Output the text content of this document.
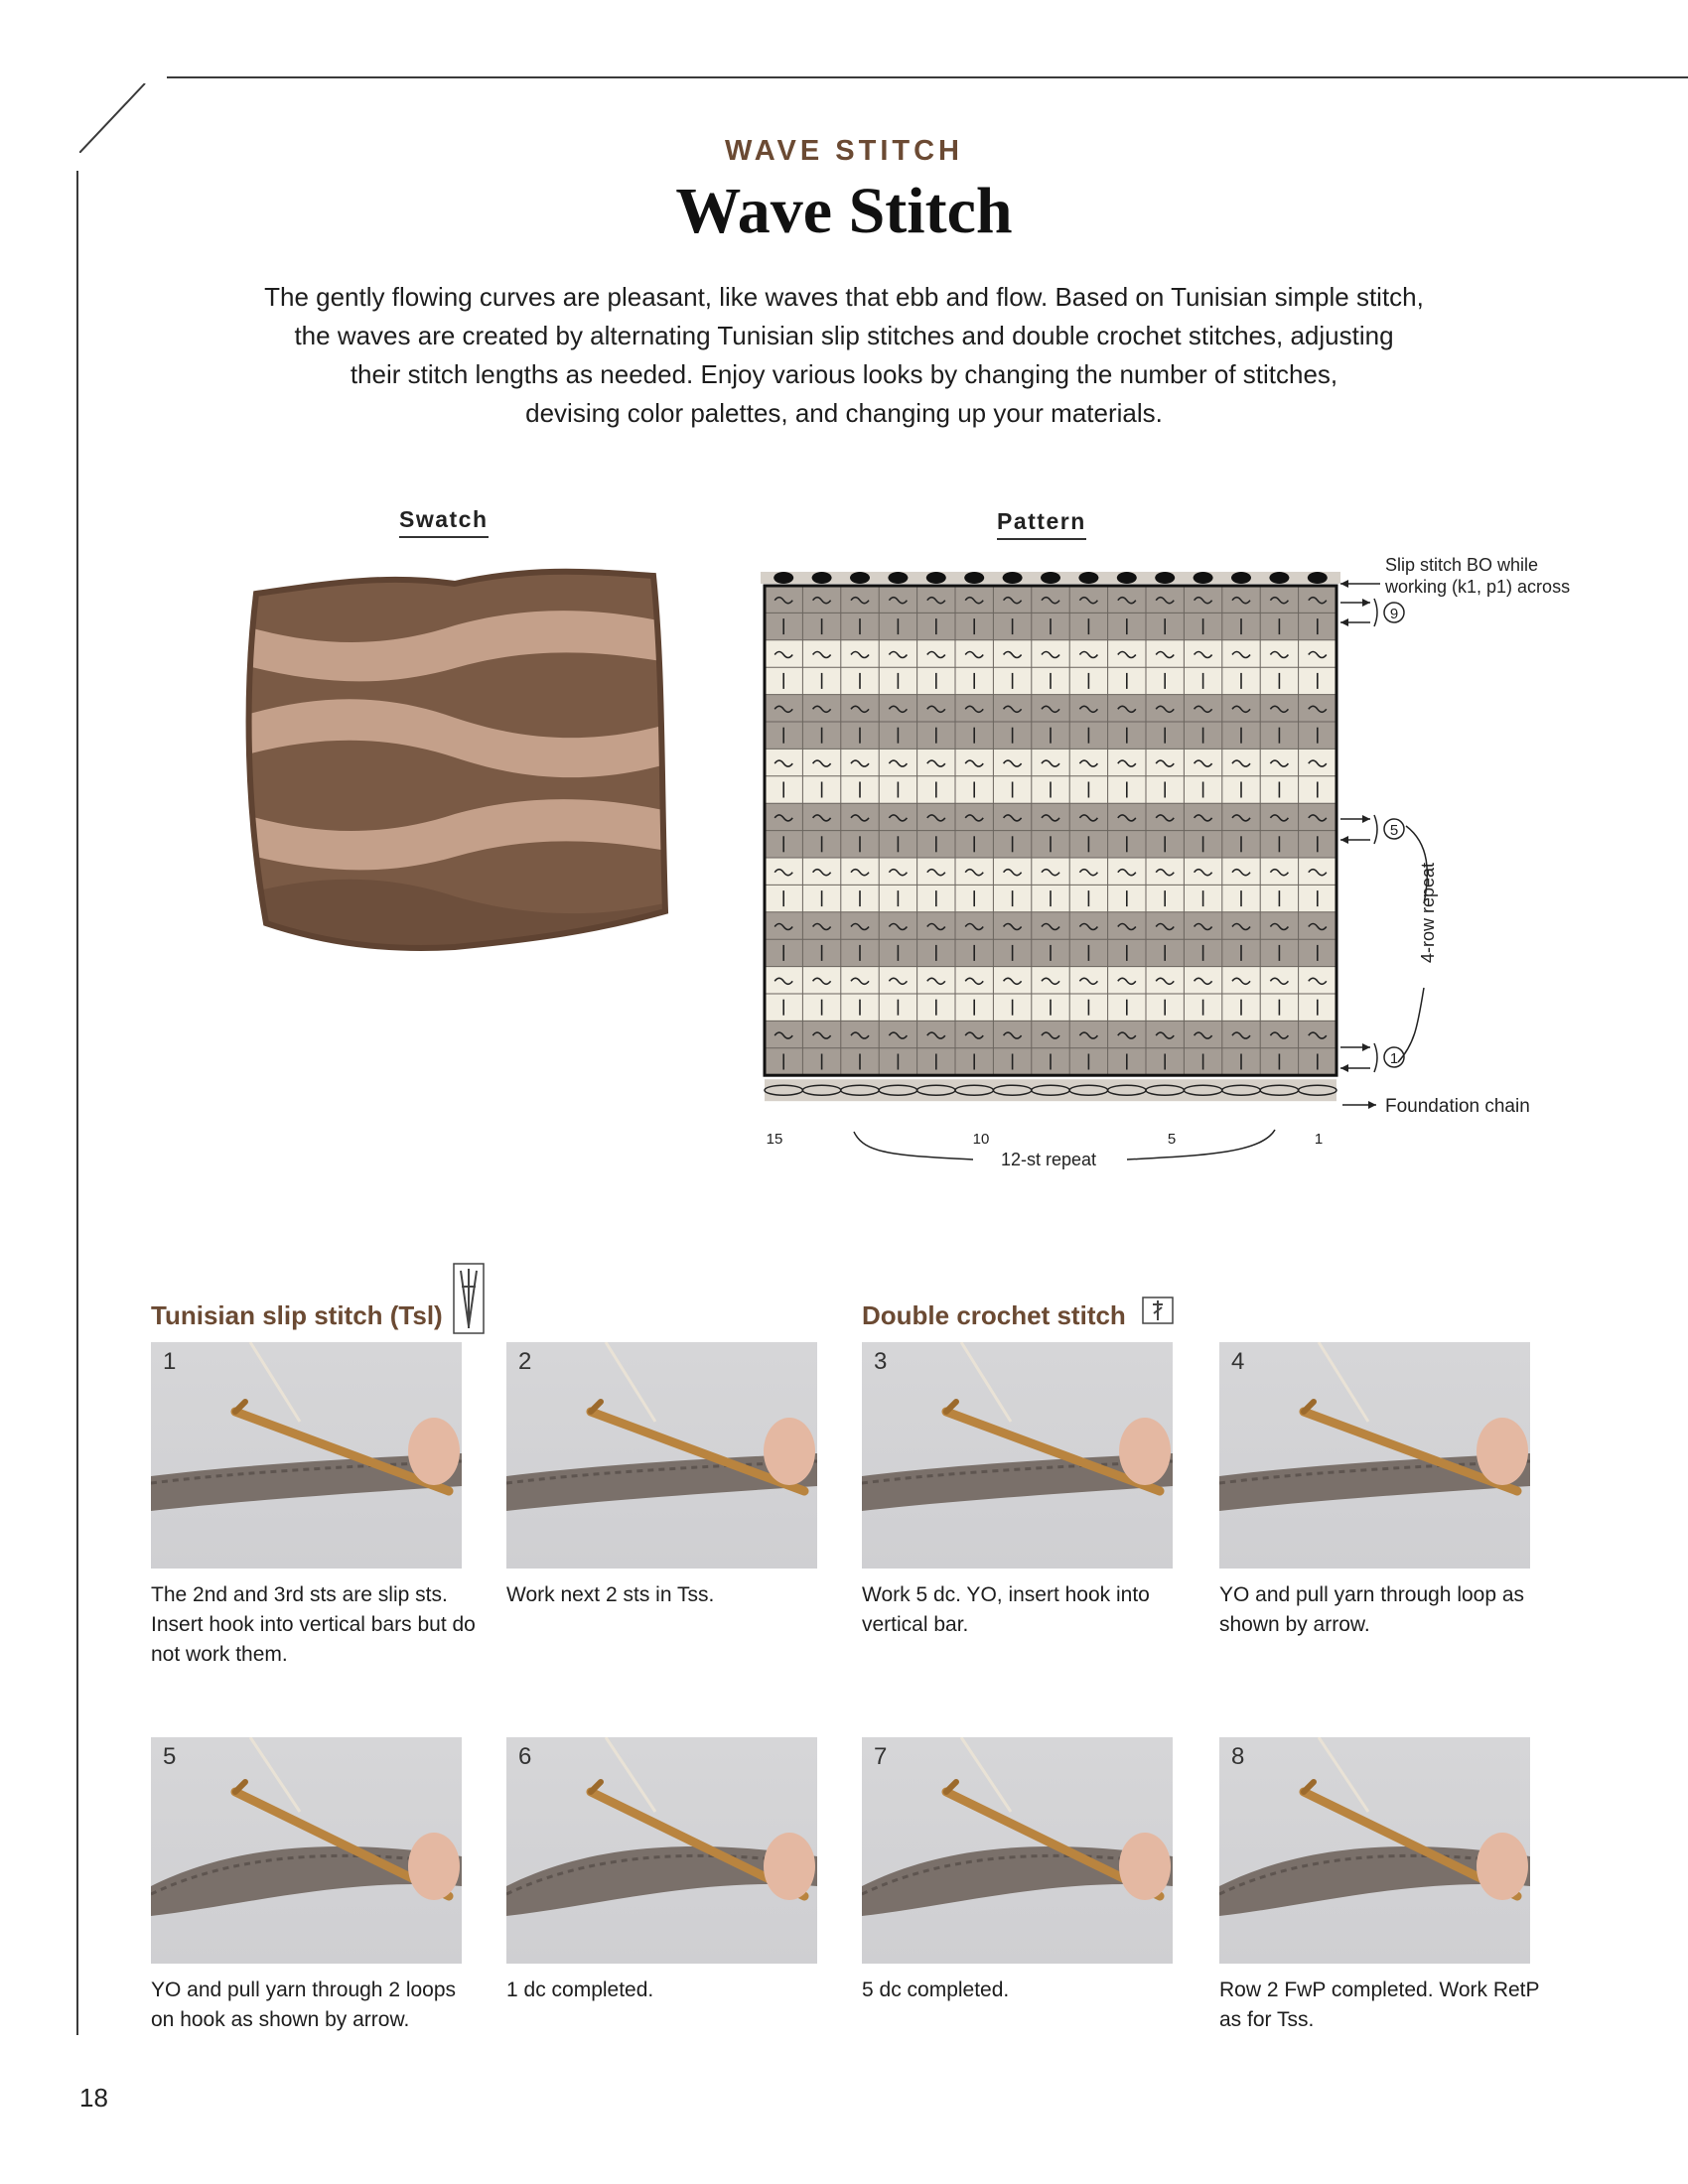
WAVE STITCH
Wave Stitch
The gently flowing curves are pleasant, like waves that ebb and flow. Based on Tunisian simple stitch,
the waves are created by alternating Tunisian slip stitches and double crochet stitches, adjusting
their stitch lengths as needed. Enjoy various looks by changing the number of stitches,
devising color palettes, and changing up your materials.
Swatch	Pattern
Slip stitch BO while
working (k1, p1) across
9
5
4-row repeat
1
Foundation chain
15	10	5	1
12-st repeat
Tunisian slip stitch (Tsl)	Double crochet stitch
1
The 2nd and 3rd sts are slip sts. Insert hook into vertical bars but do not work them.
2
Work next 2 sts in Tss.
3
Work 5 dc. YO, insert hook into vertical bar.
4
YO and pull yarn through loop as shown by arrow.
5
YO and pull yarn through 2 loops on hook as shown by arrow.
6
1 dc completed.
7
5 dc completed.
8
Row 2 FwP completed. Work RetP as for Tss.
18
